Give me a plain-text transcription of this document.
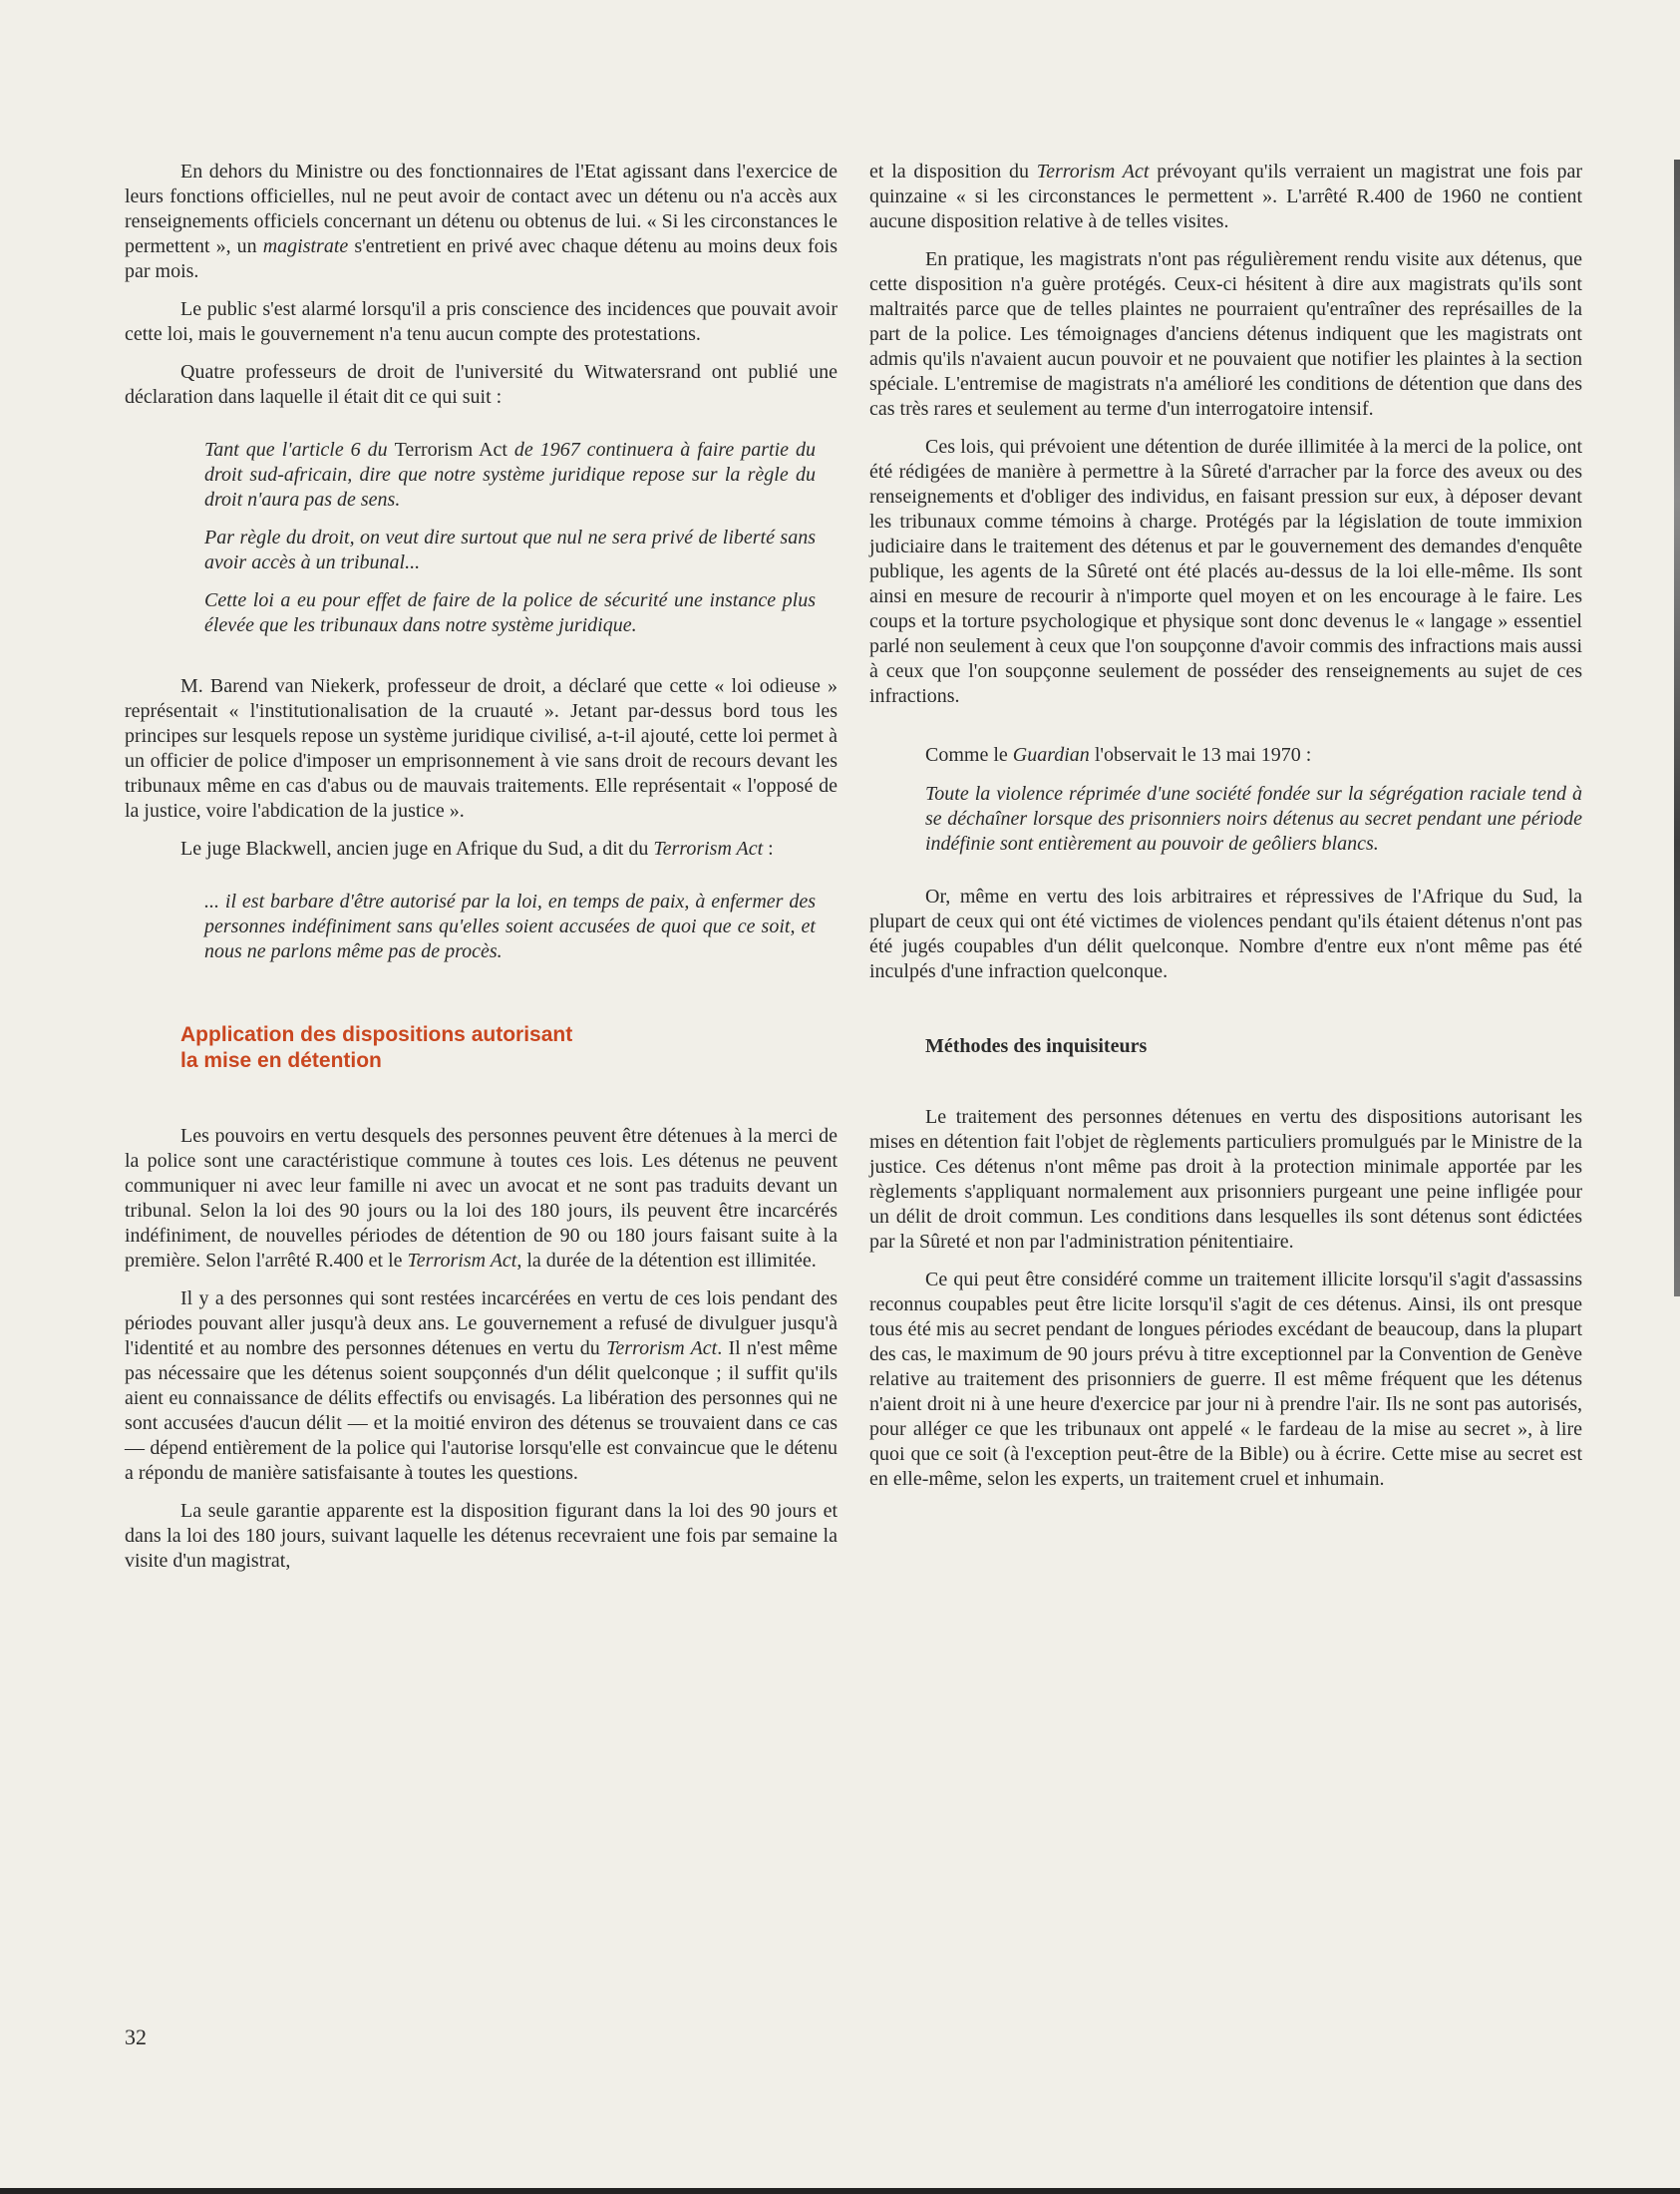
En dehors du Ministre ou des fonctionnaires de l'Etat agissant dans l'exercice de leurs fonctions officielles, nul ne peut avoir de contact avec un détenu ou n'a accès aux renseignements officiels concernant un détenu ou obtenus de lui. « Si les circonstances le permettent », un magistrate s'entretient en privé avec chaque détenu au moins deux fois par mois.

Le public s'est alarmé lorsqu'il a pris conscience des incidences que pouvait avoir cette loi, mais le gouvernement n'a tenu aucun compte des protestations.

Quatre professeurs de droit de l'université du Witwatersrand ont publié une déclaration dans laquelle il était dit ce qui suit :

Tant que l'article 6 du Terrorism Act de 1967 continuera à faire partie du droit sud-africain, dire que notre système juridique repose sur la règle du droit n'aura pas de sens.

Par règle du droit, on veut dire surtout que nul ne sera privé de liberté sans avoir accès à un tribunal...

Cette loi a eu pour effet de faire de la police de sécurité une instance plus élevée que les tribunaux dans notre système juridique.

M. Barend van Niekerk, professeur de droit, a déclaré que cette « loi odieuse » représentait « l'institutionalisation de la cruauté ». Jetant par-dessus bord tous les principes sur lesquels repose un système juridique civilisé, a-t-il ajouté, cette loi permet à un officier de police d'imposer un emprisonnement à vie sans droit de recours devant les tribunaux même en cas d'abus ou de mauvais traitements. Elle représentait « l'opposé de la justice, voire l'abdication de la justice ».

Le juge Blackwell, ancien juge en Afrique du Sud, a dit du Terrorism Act :

... il est barbare d'être autorisé par la loi, en temps de paix, à enfermer des personnes indéfiniment sans qu'elles soient accusées de quoi que ce soit, et nous ne parlons même pas de procès.

Application des dispositions autorisant
la mise en détention

Les pouvoirs en vertu desquels des personnes peuvent être détenues à la merci de la police sont une caractéristique commune à toutes ces lois. Les détenus ne peuvent communiquer ni avec leur famille ni avec un avocat et ne sont pas traduits devant un tribunal. Selon la loi des 90 jours ou la loi des 180 jours, ils peuvent être incarcérés indéfiniment, de nouvelles périodes de détention de 90 ou 180 jours faisant suite à la première. Selon l'arrêté R.400 et le Terrorism Act, la durée de la détention est illimitée.

Il y a des personnes qui sont restées incarcérées en vertu de ces lois pendant des périodes pouvant aller jusqu'à deux ans. Le gouvernement a refusé de divulguer jusqu'à l'identité et au nombre des personnes détenues en vertu du Terrorism Act. Il n'est même pas nécessaire que les détenus soient soupçonnés d'un délit quelconque ; il suffit qu'ils aient eu connaissance de délits effectifs ou envisagés. La libération des personnes qui ne sont accusées d'aucun délit — et la moitié environ des détenus se trouvaient dans ce cas — dépend entièrement de la police qui l'autorise lorsqu'elle est convaincue que le détenu a répondu de manière satisfaisante à toutes les questions.

La seule garantie apparente est la disposition figurant dans la loi des 90 jours et dans la loi des 180 jours, suivant laquelle les détenus recevraient une fois par semaine la visite d'un magistrat,

et la disposition du Terrorism Act prévoyant qu'ils verraient un magistrat une fois par quinzaine « si les circonstances le permettent ». L'arrêté R.400 de 1960 ne contient aucune disposition relative à de telles visites.

En pratique, les magistrats n'ont pas régulièrement rendu visite aux détenus, que cette disposition n'a guère protégés. Ceux-ci hésitent à dire aux magistrats qu'ils sont maltraités parce que de telles plaintes ne pourraient qu'entraîner des représailles de la part de la police. Les témoignages d'anciens détenus indiquent que les magistrats ont admis qu'ils n'avaient aucun pouvoir et ne pouvaient que notifier les plaintes à la section spéciale. L'entremise de magistrats n'a amélioré les conditions de détention que dans des cas très rares et seulement au terme d'un interrogatoire intensif.

Ces lois, qui prévoient une détention de durée illimitée à la merci de la police, ont été rédigées de manière à permettre à la Sûreté d'arracher par la force des aveux ou des renseignements et d'obliger des individus, en faisant pression sur eux, à déposer devant les tribunaux comme témoins à charge. Protégés par la législation de toute immixion judiciaire dans le traitement des détenus et par le gouvernement des demandes d'enquête publique, les agents de la Sûreté ont été placés au-dessus de la loi elle-même. Ils sont ainsi en mesure de recourir à n'importe quel moyen et on les encourage à le faire. Les coups et la torture psychologique et physique sont donc devenus le « langage » essentiel parlé non seulement à ceux que l'on soupçonne d'avoir commis des infractions mais aussi à ceux que l'on soupçonne seulement de posséder des renseignements au sujet de ces infractions.

Comme le Guardian l'observait le 13 mai 1970 :

Toute la violence réprimée d'une société fondée sur la ségrégation raciale tend à se déchaîner lorsque des prisonniers noirs détenus au secret pendant une période indéfinie sont entièrement au pouvoir de geôliers blancs.

Or, même en vertu des lois arbitraires et répressives de l'Afrique du Sud, la plupart de ceux qui ont été victimes de violences pendant qu'ils étaient détenus n'ont pas été jugés coupables d'un délit quelconque. Nombre d'entre eux n'ont même pas été inculpés d'une infraction quelconque.

Méthodes des inquisiteurs

Le traitement des personnes détenues en vertu des dispositions autorisant les mises en détention fait l'objet de règlements particuliers promulgués par le Ministre de la justice. Ces détenus n'ont même pas droit à la protection minimale apportée par les règlements s'appliquant normalement aux prisonniers purgeant une peine infligée pour un délit de droit commun. Les conditions dans lesquelles ils sont détenus sont édictées par la Sûreté et non par l'administration pénitentiaire.

Ce qui peut être considéré comme un traitement illicite lorsqu'il s'agit d'assassins reconnus coupables peut être licite lorsqu'il s'agit de ces détenus. Ainsi, ils ont presque tous été mis au secret pendant de longues périodes excédant de beaucoup, dans la plupart des cas, le maximum de 90 jours prévu à titre exceptionnel par la Convention de Genève relative au traitement des prisonniers de guerre. Il est même fréquent que les détenus n'aient droit ni à une heure d'exercice par jour ni à prendre l'air. Ils ne sont pas autorisés, pour alléger ce que les tribunaux ont appelé « le fardeau de la mise au secret », à lire quoi que ce soit (à l'exception peut-être de la Bible) ou à écrire. Cette mise au secret est en elle-même, selon les experts, un traitement cruel et inhumain.

32
